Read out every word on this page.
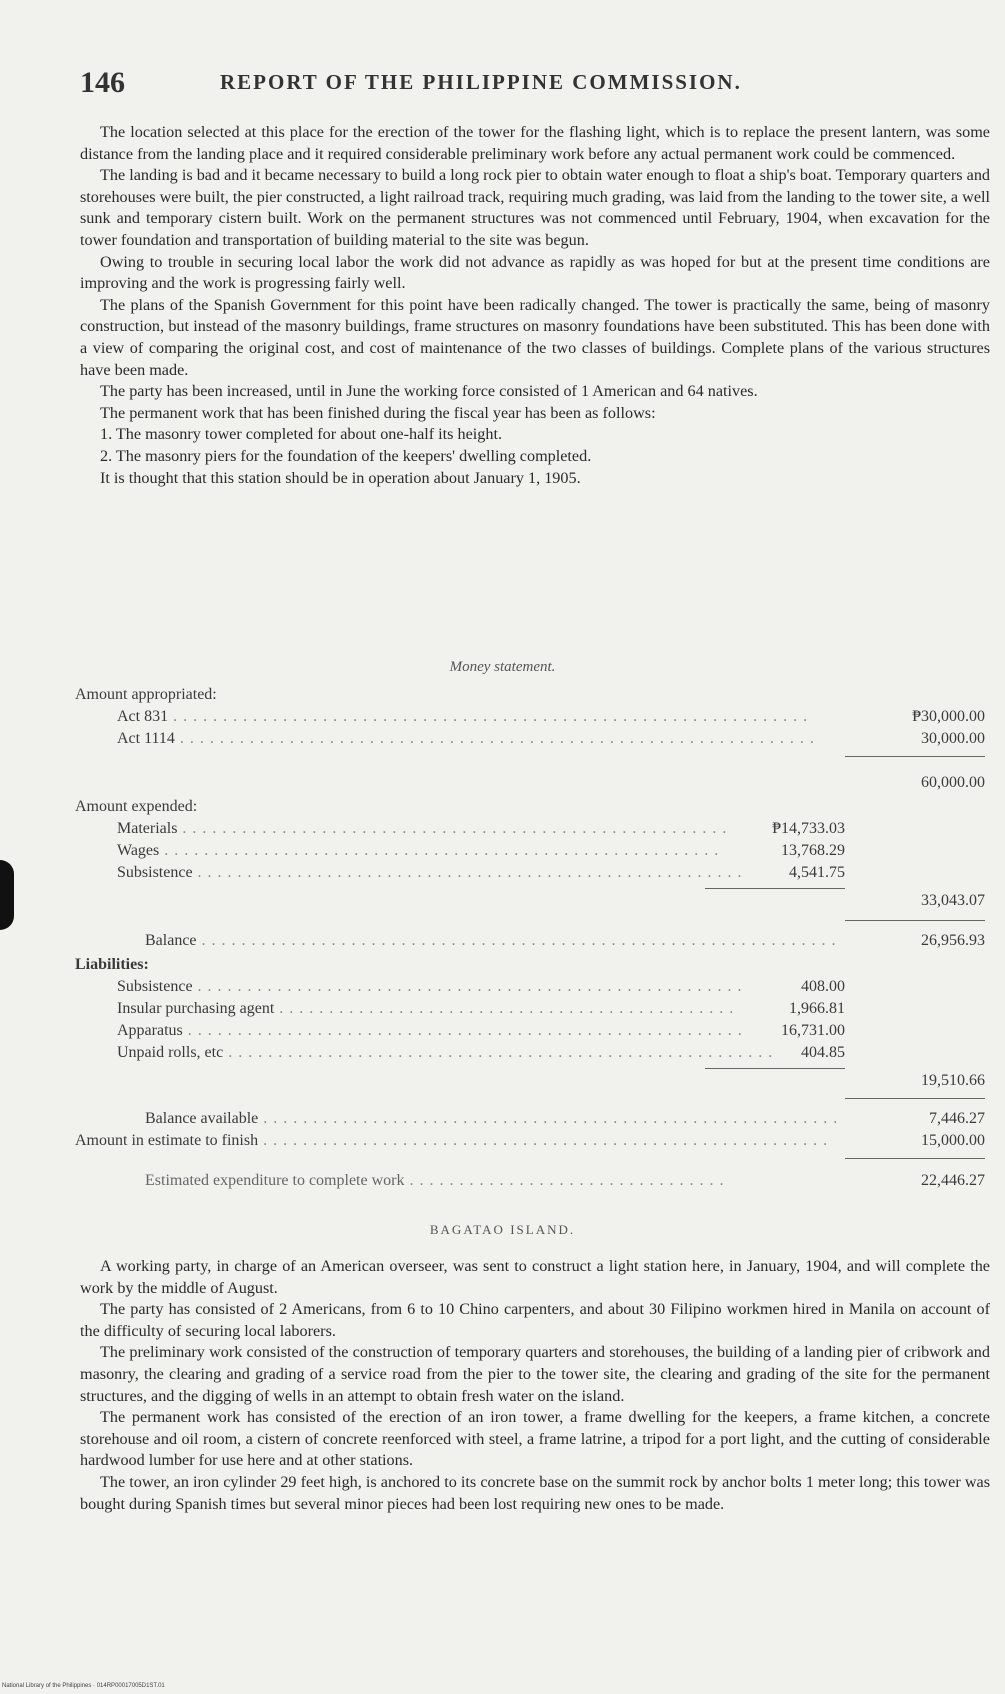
146	REPORT OF THE PHILIPPINE COMMISSION.

The location selected at this place for the erection of the tower for the flashing light, which is to replace the present lantern, was some distance from the landing place and it required considerable preliminary work before any actual permanent work could be commenced.

The landing is bad and it became necessary to build a long rock pier to obtain water enough to float a ship's boat. Temporary quarters and storehouses were built, the pier constructed, a light railroad track, requiring much grading, was laid from the landing to the tower site, a well sunk and temporary cistern built. Work on the permanent structures was not commenced until February, 1904, when excavation for the tower foundation and transportation of building material to the site was begun.

Owing to trouble in securing local labor the work did not advance as rapidly as was hoped for but at the present time conditions are improving and the work is progressing fairly well.

The plans of the Spanish Government for this point have been radically changed. The tower is practically the same, being of masonry construction, but instead of the masonry buildings, frame structures on masonry foundations have been substituted. This has been done with a view of comparing the original cost, and cost of maintenance of the two classes of buildings. Complete plans of the various structures have been made.

The party has been increased, until in June the working force consisted of 1 American and 64 natives.

The permanent work that has been finished during the fiscal year has been as follows:

1. The masonry tower completed for about one-half its height.

2. The masonry piers for the foundation of the keepers' dwelling completed.

It is thought that this station should be in operation about January 1, 1905.

Money statement.
Amount appropriated:
Act 831 . . . . . . . . . . . . . . . . . . . . . . . . . . . . . . . . . . . . . . . . . . . . . . . . . . . . . . . . . . . . . . . .	₱30,000.00
Act 1114 . . . . . . . . . . . . . . . . . . . . . . . . . . . . . . . . . . . . . . . . . . . . . . . . . . . . . . . . . . . . . . . .	30,000.00
60,000.00
Amount expended:
Materials . . . . . . . . . . . . . . . . . . . . . . . . . . . . . . . . . . . . . . . . . . . . . . . . . . . . . . .	₱14,733.03
Wages . . . . . . . . . . . . . . . . . . . . . . . . . . . . . . . . . . . . . . . . . . . . . . . . . . . . . . . .	13,768.29
Subsistence . . . . . . . . . . . . . . . . . . . . . . . . . . . . . . . . . . . . . . . . . . . . . . . . . . . . . . .	4,541.75
33,043.07
Balance . . . . . . . . . . . . . . . . . . . . . . . . . . . . . . . . . . . . . . . . . . . . . . . . . . . . . . . . . . . . . . . .	26,956.93
Liabilities:
Subsistence . . . . . . . . . . . . . . . . . . . . . . . . . . . . . . . . . . . . . . . . . . . . . . . . . . . . . . .	408.00
Insular purchasing agent . . . . . . . . . . . . . . . . . . . . . . . . . . . . . . . . . . . . . . . . . . . . . .	1,966.81
Apparatus . . . . . . . . . . . . . . . . . . . . . . . . . . . . . . . . . . . . . . . . . . . . . . . . . . . . . . . .	16,731.00
Unpaid rolls, etc . . . . . . . . . . . . . . . . . . . . . . . . . . . . . . . . . . . . . . . . . . . . . . . . . . . . . . .	404.85
19,510.66
Balance available . . . . . . . . . . . . . . . . . . . . . . . . . . . . . . . . . . . . . . . . . . . . . . . . . . . . . . . . . .	7,446.27
Amount in estimate to finish . . . . . . . . . . . . . . . . . . . . . . . . . . . . . . . . . . . . . . . . . . . . . . . . . . . . . . . . .	15,000.00
Estimated expenditure to complete work . . . . . . . . . . . . . . . . . . . . . . . . . . . . . . . .	22,446.27
BAGATAO ISLAND.

A working party, in charge of an American overseer, was sent to construct a light station here, in January, 1904, and will complete the work by the middle of August.

The party has consisted of 2 Americans, from 6 to 10 Chino carpenters, and about 30 Filipino workmen hired in Manila on account of the difficulty of securing local laborers.

The preliminary work consisted of the construction of temporary quarters and storehouses, the building of a landing pier of cribwork and masonry, the clearing and grading of a service road from the pier to the tower site, the clearing and grading of the site for the permanent structures, and the digging of wells in an attempt to obtain fresh water on the island.

The permanent work has consisted of the erection of an iron tower, a frame dwelling for the keepers, a frame kitchen, a concrete storehouse and oil room, a cistern of concrete reenforced with steel, a frame latrine, a tripod for a port light, and the cutting of considerable hardwood lumber for use here and at other stations.

The tower, an iron cylinder 29 feet high, is anchored to its concrete base on the summit rock by anchor bolts 1 meter long; this tower was bought during Spanish times but several minor pieces had been lost requiring new ones to be made.

National Library of the Philippines · 014RP00017005D1ST.01
